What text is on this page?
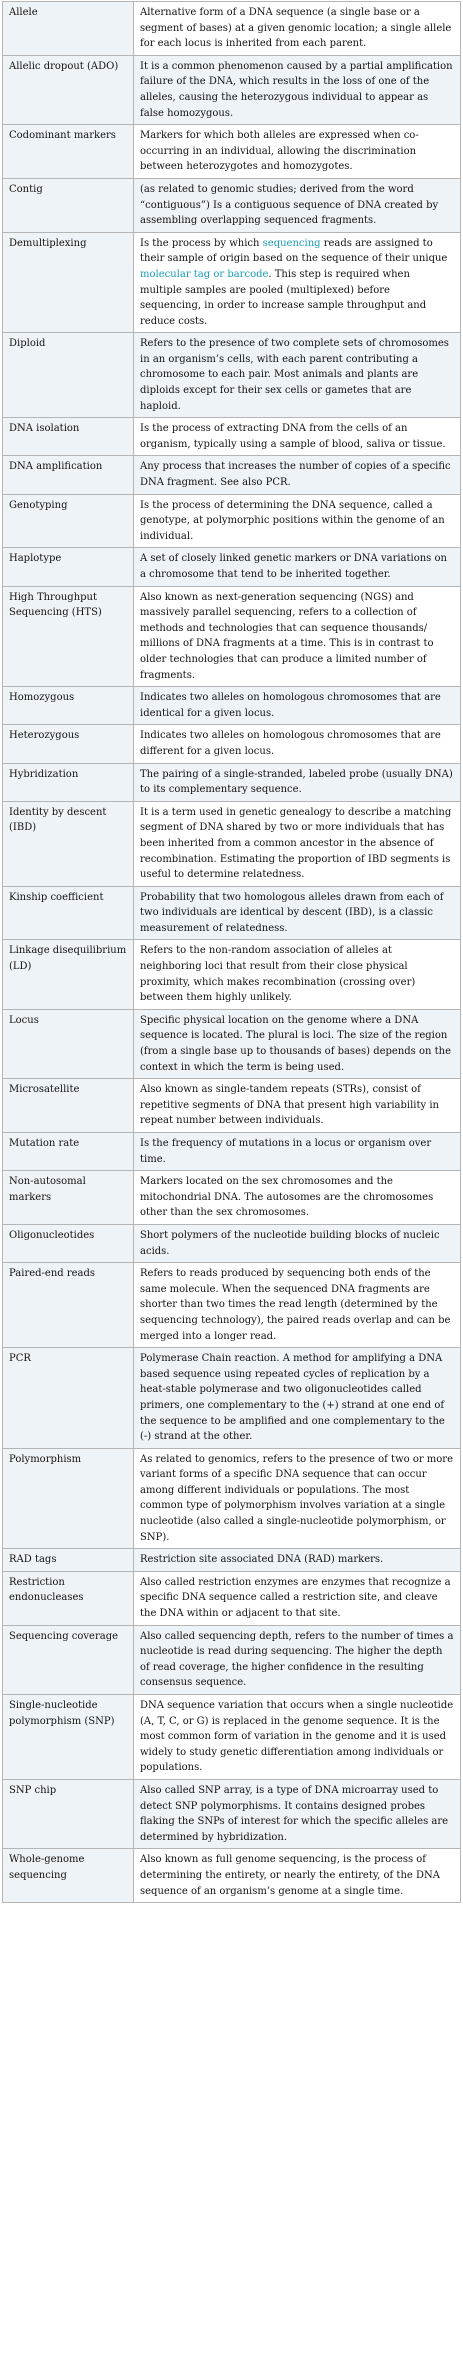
Allele	Alternative form of a DNA sequence (a single base or a segment of bases) at a given genomic location; a single allele for each locus is inherited from each parent.
Allelic dropout (ADO)	It is a common phenomenon caused by a partial amplification failure of the DNA, which results in the loss of one of the alleles, causing the heterozygous individual to appear as false homozygous.
Codominant markers	Markers for which both alleles are expressed when co-occurring in an individual, allowing the discrimination between heterozygotes and homozygotes.
Contig	(as related to genomic studies; derived from the word “contiguous”) Is a contiguous sequence of DNA created by assembling overlapping sequenced fragments.
Demultiplexing	Is the process by which sequencing reads are assigned to their sample of origin based on the sequence of their unique molecular tag or barcode. This step is required when multiple samples are pooled (multiplexed) before sequencing, in order to increase sample throughput and reduce costs.
Diploid	Refers to the presence of two complete sets of chromosomes in an organism’s cells, with each parent contributing a chromosome to each pair. Most animals and plants are diploids except for their sex cells or gametes that are haploid.
DNA isolation	Is the process of extracting DNA from the cells of an organism, typically using a sample of blood, saliva or tissue.
DNA amplification	Any process that increases the number of copies of a specific DNA fragment. See also PCR.
Genotyping	Is the process of determining the DNA sequence, called a genotype, at polymorphic positions within the genome of an individual.
Haplotype	A set of closely linked genetic markers or DNA variations on a chromosome that tend to be inherited together.
High Throughput Sequencing (HTS)	Also known as next-generation sequencing (NGS) and massively parallel sequencing, refers to a collection of methods and technologies that can sequence thousands/ millions of DNA fragments at a time. This is in contrast to older technologies that can produce a limited number of fragments.
Homozygous	Indicates two alleles on homologous chromosomes that are identical for a given locus.
Heterozygous	Indicates two alleles on homologous chromosomes that are different for a given locus.
Hybridization	The pairing of a single-stranded, labeled probe (usually DNA) to its complementary sequence.
Identity by descent (IBD)	It is a term used in genetic genealogy to describe a matching segment of DNA shared by two or more individuals that has been inherited from a common ancestor in the absence of recombination. Estimating the proportion of IBD segments is useful to determine relatedness.
Kinship coefficient	Probability that two homologous alleles drawn from each of two individuals are identical by descent (IBD), is a classic measurement of relatedness.
Linkage disequilibrium (LD)	Refers to the non-random association of alleles at neighboring loci that result from their close physical proximity, which makes recombination (crossing over) between them highly unlikely.
Locus	Specific physical location on the genome where a DNA sequence is located. The plural is loci. The size of the region (from a single base up to thousands of bases) depends on the context in which the term is being used.
Microsatellite	Also known as single-tandem repeats (STRs), consist of repetitive segments of DNA that present high variability in repeat number between individuals.
Mutation rate	Is the frequency of mutations in a locus or organism over time.
Non-autosomal markers	Markers located on the sex chromosomes and the mitochondrial DNA. The autosomes are the chromosomes other than the sex chromosomes.
Oligonucleotides	Short polymers of the nucleotide building blocks of nucleic acids.
Paired-end reads	Refers to reads produced by sequencing both ends of the same molecule. When the sequenced DNA fragments are shorter than two times the read length (determined by the sequencing technology), the paired reads overlap and can be merged into a longer read.
PCR	Polymerase Chain reaction. A method for amplifying a DNA based sequence using repeated cycles of replication by a heat-stable polymerase and two oligonucleotides called primers, one complementary to the (+) strand at one end of the sequence to be amplified and one complementary to the (-) strand at the other.
Polymorphism	As related to genomics, refers to the presence of two or more variant forms of a specific DNA sequence that can occur among different individuals or populations. The most common type of polymorphism involves variation at a single nucleotide (also called a single-nucleotide polymorphism, or SNP).
RAD tags	Restriction site associated DNA (RAD) markers.
Restriction endonucleases	Also called restriction enzymes are enzymes that recognize a specific DNA sequence called a restriction site, and cleave the DNA within or adjacent to that site.
Sequencing coverage	Also called sequencing depth, refers to the number of times a nucleotide is read during sequencing. The higher the depth of read coverage, the higher confidence in the resulting consensus sequence.
Single-nucleotide polymorphism (SNP)	DNA sequence variation that occurs when a single nucleotide (A, T, C, or G) is replaced in the genome sequence. It is the most common form of variation in the genome and it is used widely to study genetic differentiation among individuals or populations.
SNP chip	Also called SNP array, is a type of DNA microarray used to detect SNP polymorphisms. It contains designed probes flaking the SNPs of interest for which the specific alleles are determined by hybridization.
Whole-genome sequencing	Also known as full genome sequencing, is the process of determining the entirety, or nearly the entirety, of the DNA sequence of an organism’s genome at a single time.
